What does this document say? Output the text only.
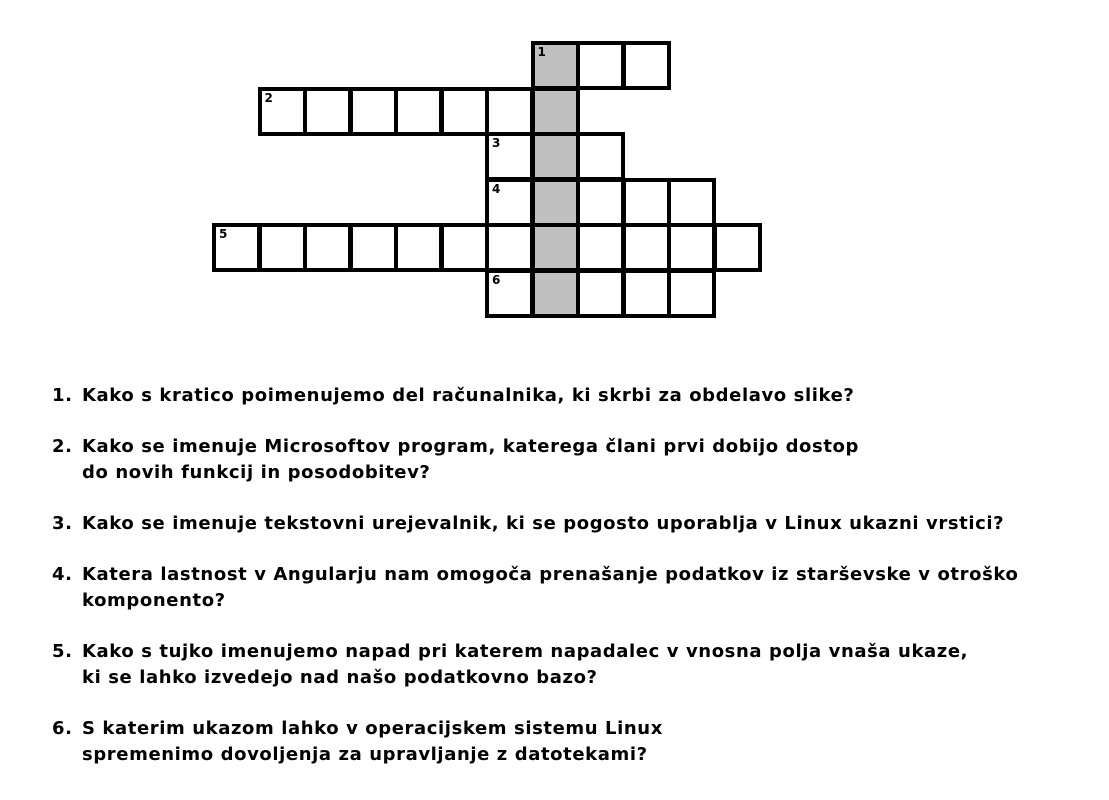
1
2
3
4
5
6
1. Kako s kratico poimenujemo del računalnika, ki skrbi za obdelavo slike?
2. Kako se imenuje Microsoftov program, katerega člani prvi dobijo dostop
do novih funkcij in posodobitev?
3. Kako se imenuje tekstovni urejevalnik, ki se pogosto uporablja v Linux ukazni vrstici?
4. Katera lastnost v Angularju nam omogoča prenašanje podatkov iz starševske v otroško
komponento?
5. Kako s tujko imenujemo napad pri katerem napadalec v vnosna polja vnaša ukaze,
ki se lahko izvedejo nad našo podatkovno bazo?
6. S katerim ukazom lahko v operacijskem sistemu Linux
spremenimo dovoljenja za upravljanje z datotekami?
